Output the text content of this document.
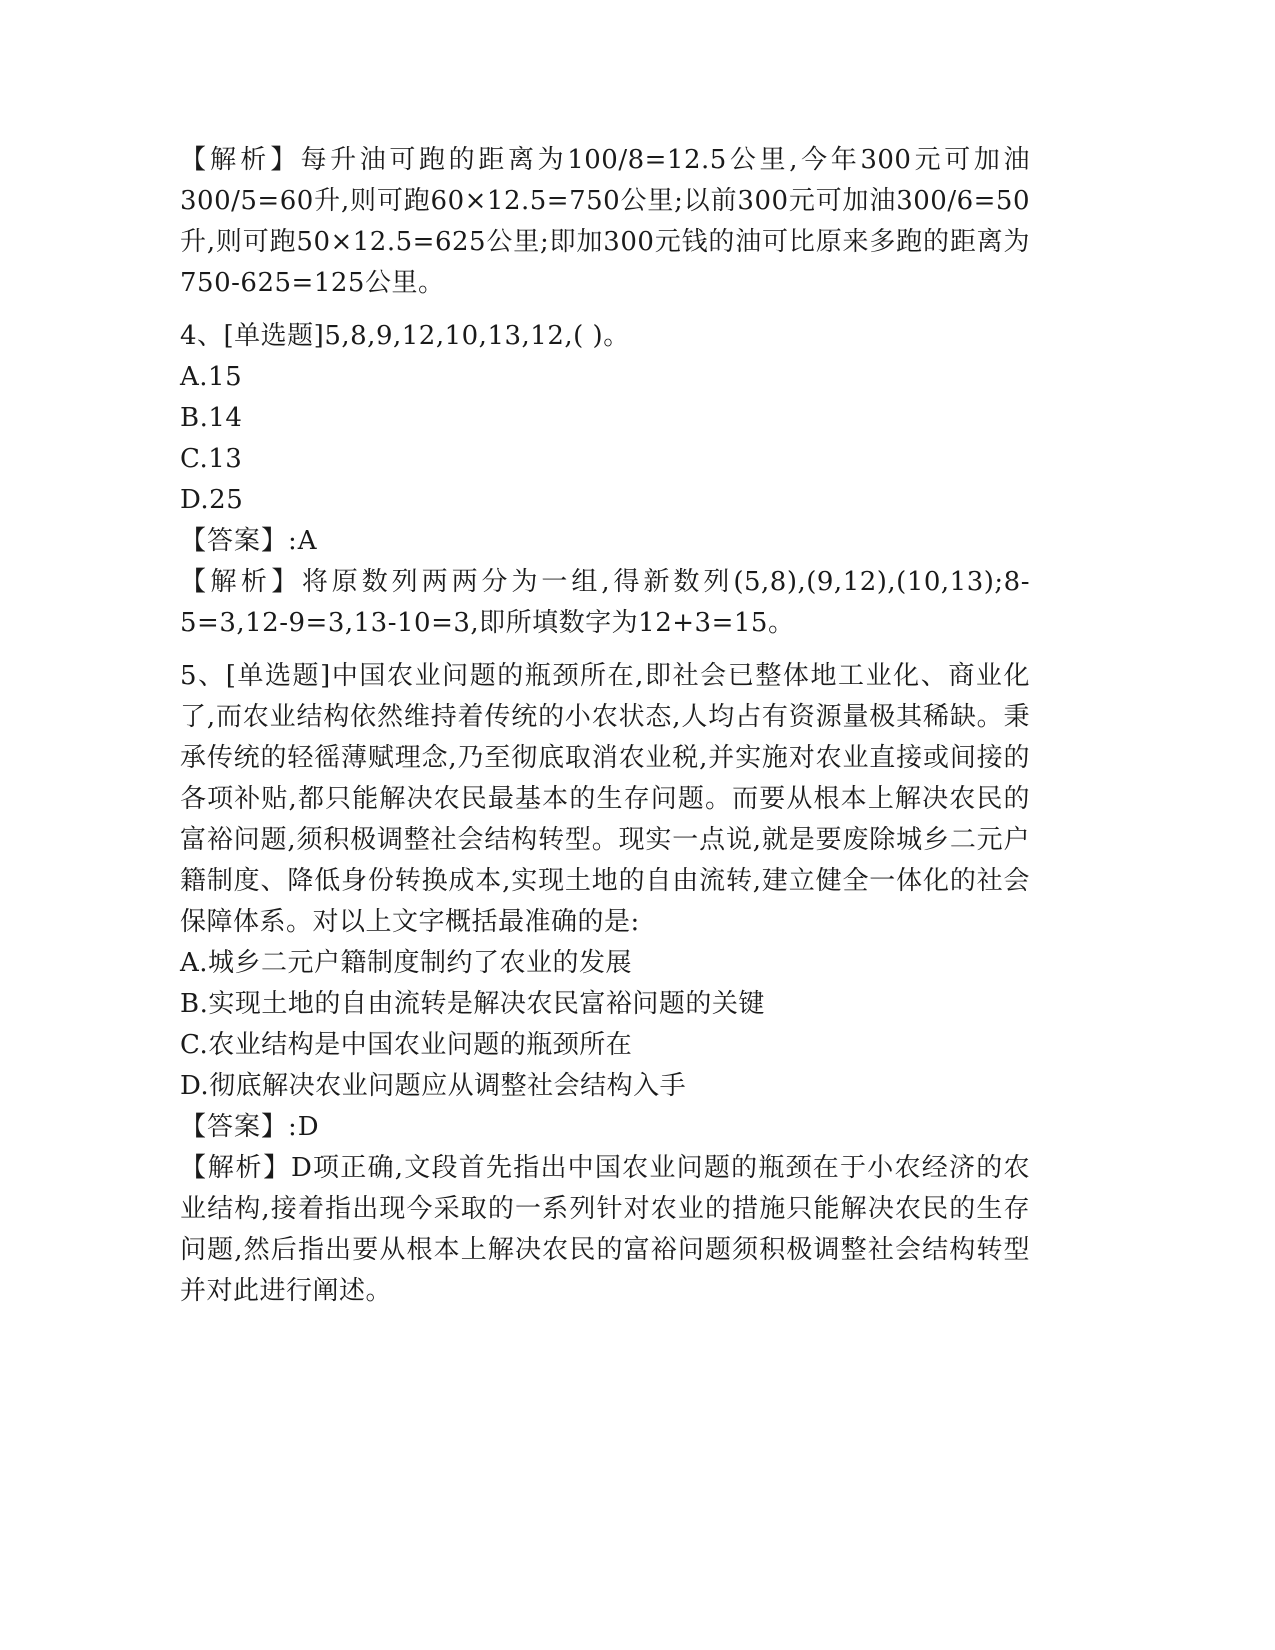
【解析】每升油可跑的距离为100/8=12.5公里,今年300元可加油300/5=60升,则可跑60×12.5=750公里;以前300元可加油300/6=50升,则可跑50×12.5=625公里;即加300元钱的油可比原来多跑的距离为750-625=125公里。

4、[单选题]5,8,9,12,10,13,12,( )。

A.15

B.14

C.13

D.25

【答案】:A

【解析】将原数列两两分为一组,得新数列(5,8),(9,12),(10,13);8-5=3,12-9=3,13-10=3,即所填数字为12+3=15。

5、[单选题]中国农业问题的瓶颈所在,即社会已整体地工业化、商业化了,而农业结构依然维持着传统的小农状态,人均占有资源量极其稀缺。秉承传统的轻徭薄赋理念,乃至彻底取消农业税,并实施对农业直接或间接的各项补贴,都只能解决农民最基本的生存问题。而要从根本上解决农民的富裕问题,须积极调整社会结构转型。现实一点说,就是要废除城乡二元户籍制度、降低身份转换成本,实现土地的自由流转,建立健全一体化的社会保障体系。对以上文字概括最准确的是:

A.城乡二元户籍制度制约了农业的发展

B.实现土地的自由流转是解决农民富裕问题的关键

C.农业结构是中国农业问题的瓶颈所在

D.彻底解决农业问题应从调整社会结构入手

【答案】:D

【解析】D项正确,文段首先指出中国农业问题的瓶颈在于小农经济的农业结构,接着指出现今采取的一系列针对农业的措施只能解决农民的生存问题,然后指出要从根本上解决农民的富裕问题须积极调整社会结构转型并对此进行阐述。
